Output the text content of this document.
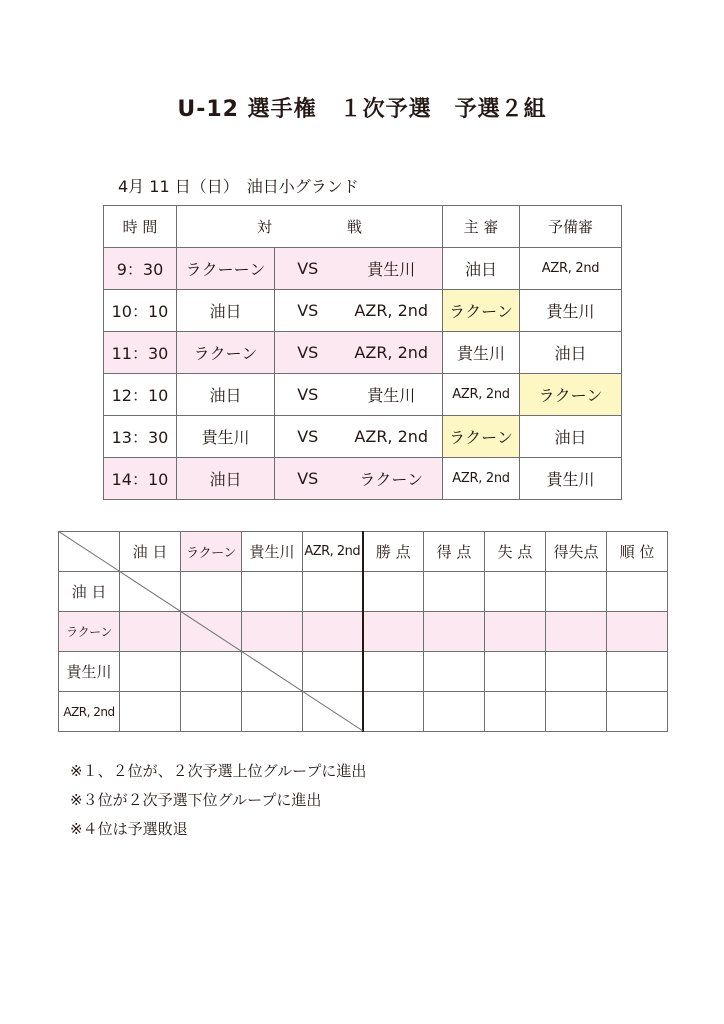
U-12 選手権　１次予選　予選２組
4月 11 日（日）　油日小グランド
時 間	対　　　　　戦			主 審	予備審
9：30	ラクーーン	VS	貴生川	油日	AZR, 2nd
10：10	油日	VS	AZR, 2nd	ラクーン	貴生川
11：30	ラクーン	VS	AZR, 2nd	貴生川	油日
12：10	油日	VS	貴生川	AZR, 2nd	ラクーン
13：30	貴生川	VS	AZR, 2nd	ラクーン	油日
14：10	油日	VS	ラクーン	AZR, 2nd	貴生川
	油 日	ラクーン	貴生川	AZR, 2nd	勝 点	得 点	失 点	得失点	順 位
油 日									
ラクーン									
貴生川									
AZR, 2nd									
※１、２位が、２次予選上位グループに進出
※３位が２次予選下位グループに進出
※４位は予選敗退
